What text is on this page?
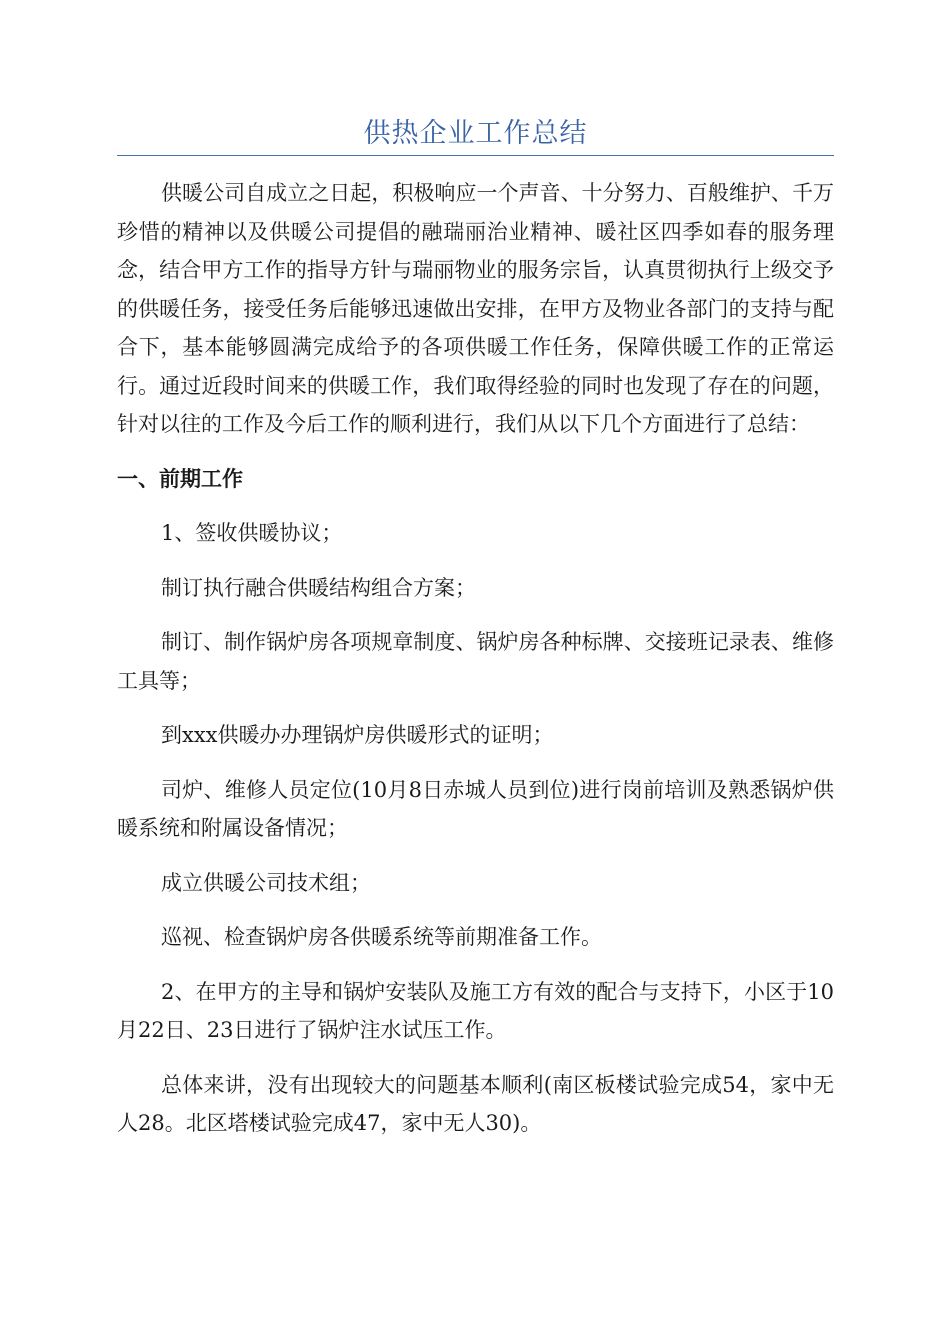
供热企业工作总结

供暖公司自成立之日起，积极响应一个声音、十分努力、百般维护、千万珍惜的精神以及供暖公司提倡的融瑞丽治业精神、暖社区四季如春的服务理念，结合甲方工作的指导方针与瑞丽物业的服务宗旨，认真贯彻执行上级交予的供暖任务，接受任务后能够迅速做出安排，在甲方及物业各部门的支持与配合下，基本能够圆满完成给予的各项供暖工作任务，保障供暖工作的正常运行。通过近段时间来的供暖工作，我们取得经验的同时也发现了存在的问题，针对以往的工作及今后工作的顺利进行，我们从以下几个方面进行了总结：

一、前期工作

1、签收供暖协议；

制订执行融合供暖结构组合方案；

制订、制作锅炉房各项规章制度、锅炉房各种标牌、交接班记录表、维修工具等；

到xxx供暖办办理锅炉房供暖形式的证明；

司炉、维修人员定位(10月8日赤城人员到位)进行岗前培训及熟悉锅炉供暖系统和附属设备情况；

成立供暖公司技术组；

巡视、检查锅炉房各供暖系统等前期准备工作。

2、在甲方的主导和锅炉安装队及施工方有效的配合与支持下，小区于10月22日、23日进行了锅炉注水试压工作。

总体来讲，没有出现较大的问题基本顺利(南区板楼试验完成54，家中无人28。北区塔楼试验完成47，家中无人30)。
